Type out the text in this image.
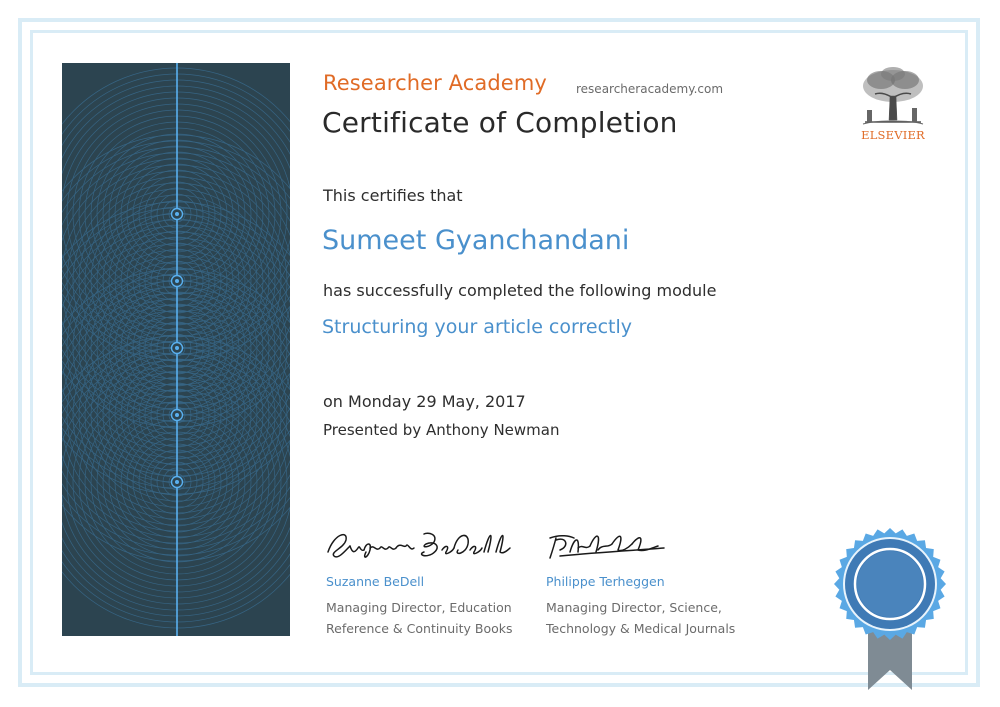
Researcher Academy researcheracademy.com
Certificate of Completion
This certifies that
Sumeet Gyanchandani
has successfully completed the following module
Structuring your article correctly
on Monday 29 May, 2017
Presented by Anthony Newman
Suzanne BeDell
Managing Director, Education
Reference & Continuity Books
Philippe Terheggen
Managing Director, Science,
Technology & Medical Journals
ELSEVIER
